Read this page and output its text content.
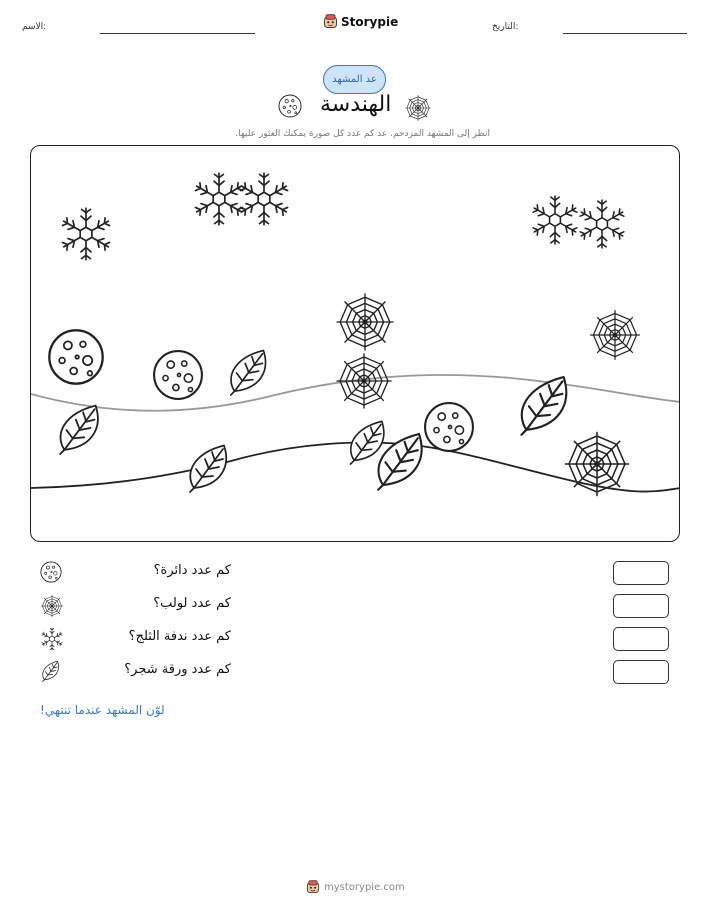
الاسم:	Storypie	التاريخ:
عد المشهد
الهندسة
انظر إلى المشهد المزدحم. عد كم عدد كل صورة يمكنك العثور عليها.
كم عدد دائرة؟
كم عدد لولب؟
كم عدد ندفة الثلج؟
كم عدد ورقة شجر؟
لوّن المشهد عندما تنتهي!
mystorypie.com
